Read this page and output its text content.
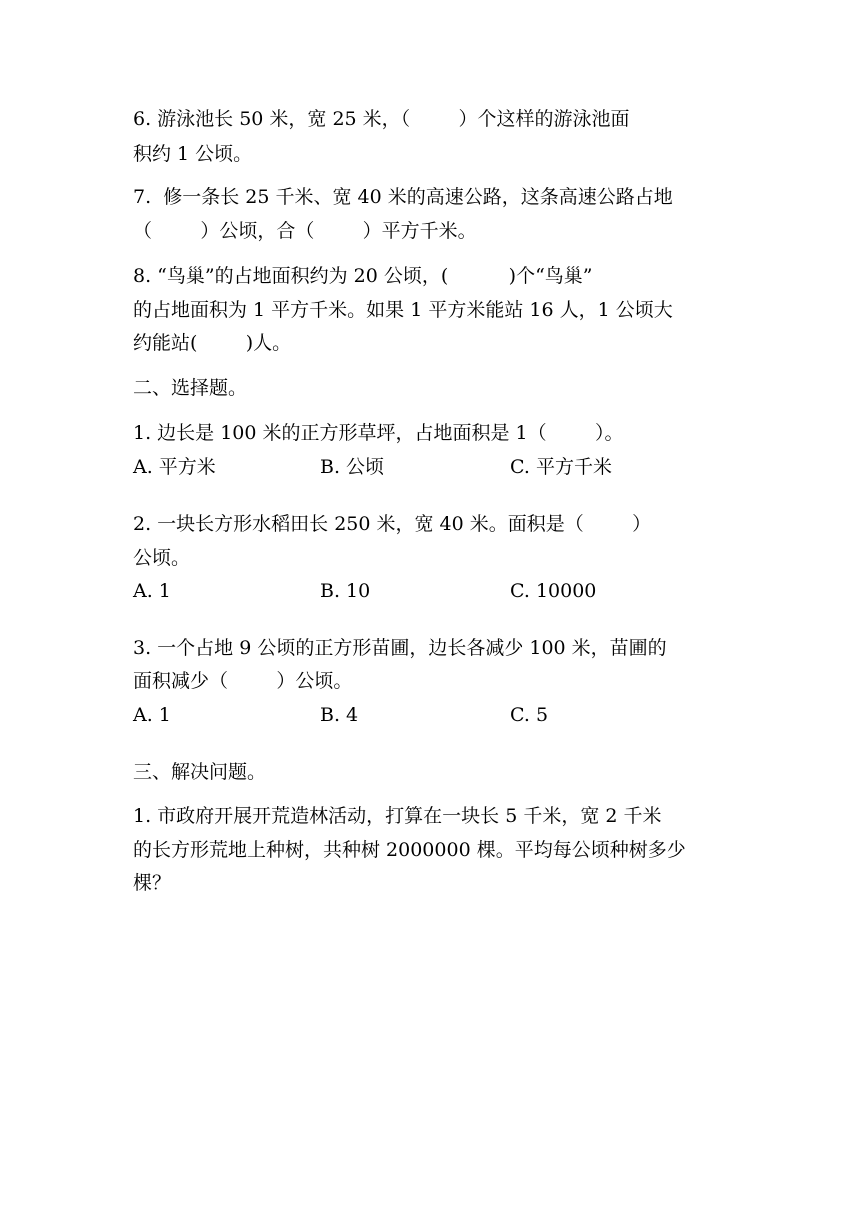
6. 游泳池长 50 米，宽 25 米，（        ）个这样的游泳池面
积约 1 公顷。
7.  修一条长 25 千米、宽 40 米的高速公路，这条高速公路占地
（        ）公顷，合（        ）平方千米。
8. “鸟巢”的占地面积约为 20 公顷，(          )个“鸟巢”
的占地面积为 1 平方千米。如果 1 平方米能站 16 人，1 公顷大
约能站(        )人。
二、选择题。
1. 边长是 100 米的正方形草坪，占地面积是 1（        ）。
A. 平方米	B. 公顷	C. 平方千米
2. 一块长方形水稻田长 250 米，宽 40 米。面积是（        ）
公顷。
A. 1	B. 10	C. 10000
3. 一个占地 9 公顷的正方形苗圃，边长各减少 100 米，苗圃的
面积减少（        ）公顷。
A. 1	B. 4	C. 5
三、解决问题。
1. 市政府开展开荒造林活动，打算在一块长 5 千米，宽 2 千米
的长方形荒地上种树，共种树 2000000 棵。平均每公顷种树多少
棵？
